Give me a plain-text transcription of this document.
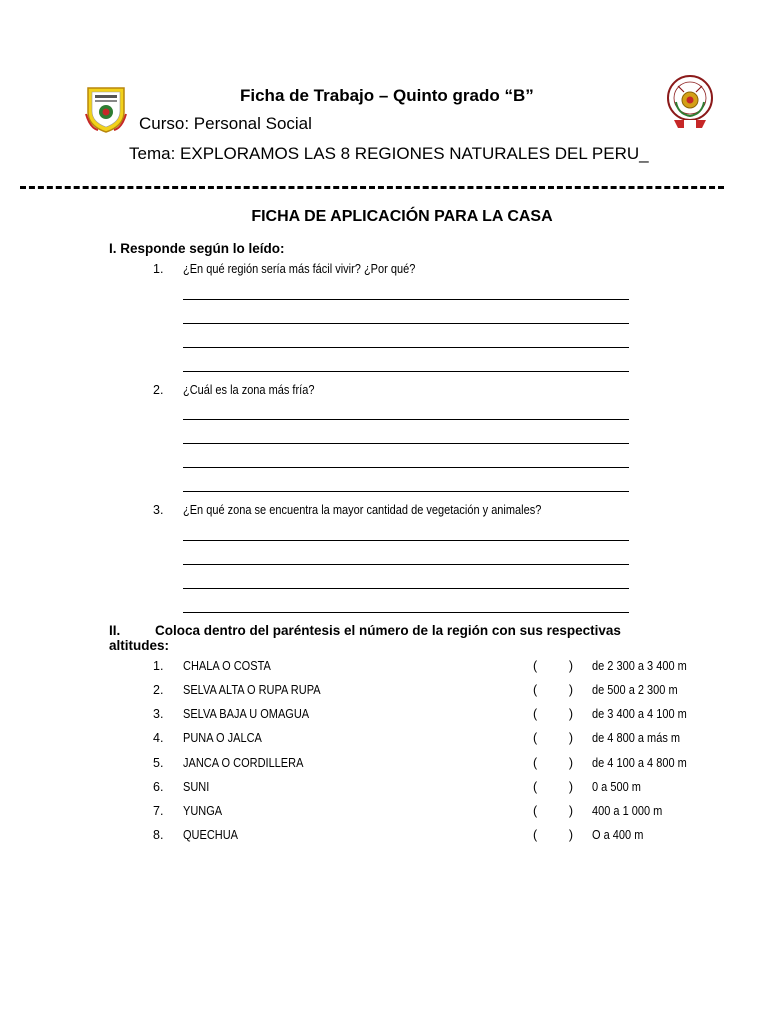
Ficha de Trabajo – Quinto grado “B”
Curso: Personal Social
Tema: EXPLORAMOS LAS 8 REGIONES NATURALES DEL PERU_
FICHA DE APLICACIÓN PARA LA CASA
I. Responde según lo leído:
1. ¿En qué región sería más fácil vivir? ¿Por qué?
2. ¿Cuál es la zona más fría?
3. ¿En qué zona se encuentra la mayor cantidad de vegetación y animales?
II.	Coloca dentro del paréntesis el número de la región con sus respectivas
altitudes:
1. CHALA O COSTA	(	) de 2 300 a 3 400 m
2. SELVA ALTA O RUPA RUPA	(	) de 500 a 2 300 m
3. SELVA BAJA U OMAGUA	(	) de 3 400 a 4 100 m
4. PUNA O JALCA	(	) de 4 800 a más m
5. JANCA O CORDILLERA	(	) de 4 100 a 4 800 m
6. SUNI	(	) 0 a 500 m
7. YUNGA	(	) 400 a 1 000 m
8. QUECHUA	(	) O a 400 m
